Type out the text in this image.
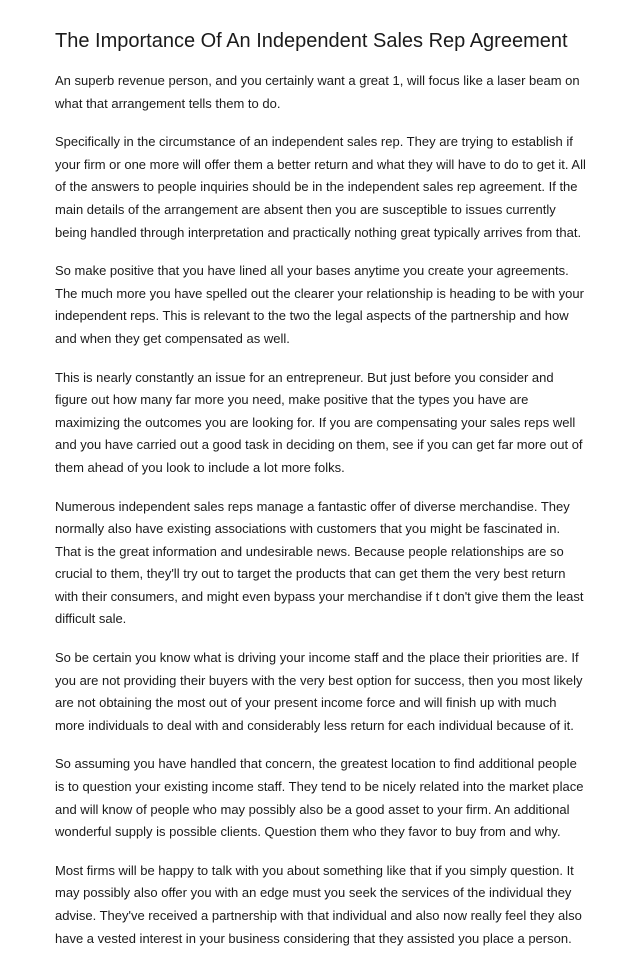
The Importance Of An Independent Sales Rep Agreement

An superb revenue person, and you certainly want a great 1, will focus like a laser beam on what that arrangement tells them to do.

Specifically in the circumstance of an independent sales rep. They are trying to establish if your firm or one more will offer them a better return and what they will have to do to get it. All of the answers to people inquiries should be in the independent sales rep agreement. If the main details of the arrangement are absent then you are susceptible to issues currently being handled through interpretation and practically nothing great typically arrives from that.

So make positive that you have lined all your bases anytime you create your agreements. The much more you have spelled out the clearer your relationship is heading to be with your independent reps. This is relevant to the two the legal aspects of the partnership and how and when they get compensated as well.

This is nearly constantly an issue for an entrepreneur. But just before you consider and figure out how many far more you need, make positive that the types you have are maximizing the outcomes you are looking for. If you are compensating your sales reps well and you have carried out a good task in deciding on them, see if you can get far more out of them ahead of you look to include a lot more folks.

Numerous independent sales reps manage a fantastic offer of diverse merchandise. They normally also have existing associations with customers that you might be fascinated in. That is the great information and undesirable news. Because people relationships are so crucial to them, they'll try out to target the products that can get them the very best return with their consumers, and might even bypass your merchandise if t don't give them the least difficult sale.

So be certain you know what is driving your income staff and the place their priorities are. If you are not providing their buyers with the very best option for success, then you most likely are not obtaining the most out of your present income force and will finish up with much more individuals to deal with and considerably less return for each individual because of it.

So assuming you have handled that concern, the greatest location to find additional people is to question your existing income staff. They tend to be nicely related into the market place and will know of people who may possibly also be a good asset to your firm. An additional wonderful supply is possible clients. Question them who they favor to buy from and why.

Most firms will be happy to talk with you about something like that if you simply question. It may possibly also offer you with an edge must you seek the services of the individual they advise. They've received a partnership with that individual and also now really feel they also have a vested interest in your business considering that they assisted you place a person.
